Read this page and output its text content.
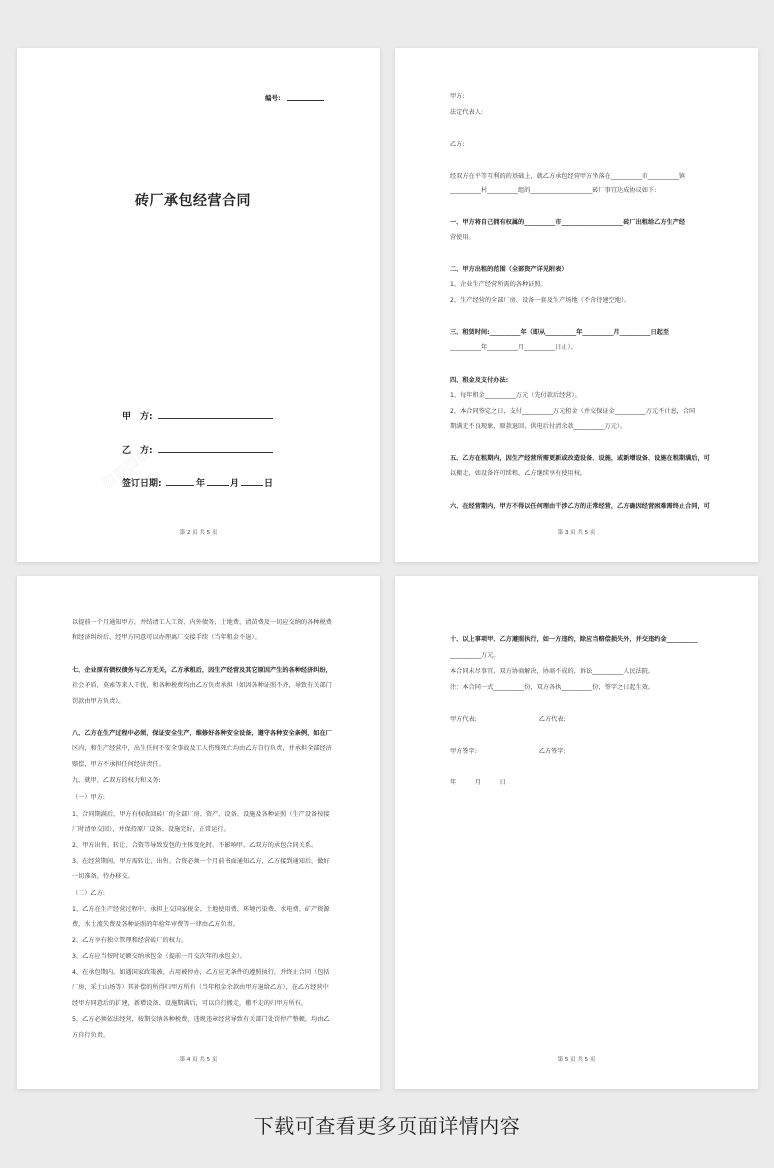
编号:
砖厂承包经营合同
甲　方:
乙　方:
签订日期:	年	月	日
第 2 页 共 5 页
甲方:
法定代表人:
乙方:
经双方在平等互利的的基础上，就乙方承包经营甲方坐落在__________市__________镇
__________村__________组的____________________砖厂事宜达成协议如下:
一、甲方将自己拥有权属的__________市____________________砖厂出租给乙方生产经
营使用。
二、甲方出租的范围（全部资产详见附表）
1、企业生产经营所需的各种证照。
2、生产经营的全部厂房、设备一套及生产场地（不含待建空地）。
三、租赁时间:__________年（即从__________年__________月__________日起至
__________年__________月__________日止）。
四、租金及支付办法:
1、每年租金__________万元（先付款后经营）。
2、本合同签定之日，支付__________万元租金（并交保证金__________万元不计息，合同
期满无不良现象，原款退回，供电后付清余款__________万元）。
五、乙方在租期内，因生产经营所需更新或改造设备、设施，或新增设备、设施在租期满后，可
以搬走，如设备许可续租，乙方继续享有使用权。
六、在经营期内，甲方不得以任何理由干涉乙方的正常经营，乙方确因经营困难需终止合同，可
第 3 页 共 5 页
以提前一个月通知甲方，并结清工人工资、内外债务、土地费、清苗费及一切应交纳的各种税费
和经济纠纷后，经甲方同意可以办理离厂交接手续（当年租金不退）。
七、企业原有债权债务与乙方无关，乙方承租后，因生产经营及其它原因产生的各种经济纠纷，
社会矛盾，莫索等来人干扰，和各种税费均由乙方负责承担（如因各种证照不齐，导致有关部门
罚款由甲方负责）。
八、乙方在生产过程中必须，保证安全生产，维修好各种安全设备，遵守各种安全条例，如在厂
区内，和生产经营中，出生任何不安全事故及工人伤残死亡均由乙方自行负责，并承担全部经济
赔偿，甲方不承担任何经济责任。
九、就甲、乙双方的权力和义务:
（一）甲方:
1、合同期满后，甲方有权收回砖厂的全部厂房、资产、设备、设施及各种证照（生产设备按接
厂时清单交回），并保持原厂设备、设施完好，正常运行。
2、甲方出售、转让、合资等导致发包的主体变化时，不影响甲、乙双方的承包合同关系。
3、在经营期间，甲方需转让、出售、合资必须一个月前书面通知乙方，乙方接到通知后，做好
一切准备，待办移交。
（二）乙方:
1、乙方在生产经营过程中，承担上交国家税金、土地使用费、环境污染费、水电费、矿产资源
费，水土流失费及各种证照的年检年审费等一律由乙方负责。
2、乙方享有独立管理和经营砖厂的权力。
3、乙方应当按时足额交纳承包金（提前一月交次年的承包金）。
4、在承包期内，如遇国家政策被、占用被停办，乙方应无条件的遵照执行，并终止合同（包括
厂房，采土山场等）其补偿的所得归甲方所有（当年租金余款由甲方退给乙方），在乙方经营中
经甲方同意后的扩建，新增设备、设施期满后，可以自行搬走，搬不走的归甲方所有。
5、乙方必须依法经营，按期交纳各种税费，违规违章经营导致有关部门处罚停产整顿，均由乙
方自行负责。
第 4 页 共 5 页
十、以上事项甲、乙方遵照执行，如一方违约，除应当赔偿损失外，并交违约金__________
__________万元。
本合同未尽事宜，双方协商解决，协商不成的，诉讼__________人民法院。
注：本合同一式__________份，双方各执__________份，签字之日起生效。
甲方代表:　　　　　　　　　　乙方代表:
甲方签字:　　　　　　　　　　乙方签字:
年　　　月　　　日
第 5 页 共 5 页
下载可查看更多页面详情内容
